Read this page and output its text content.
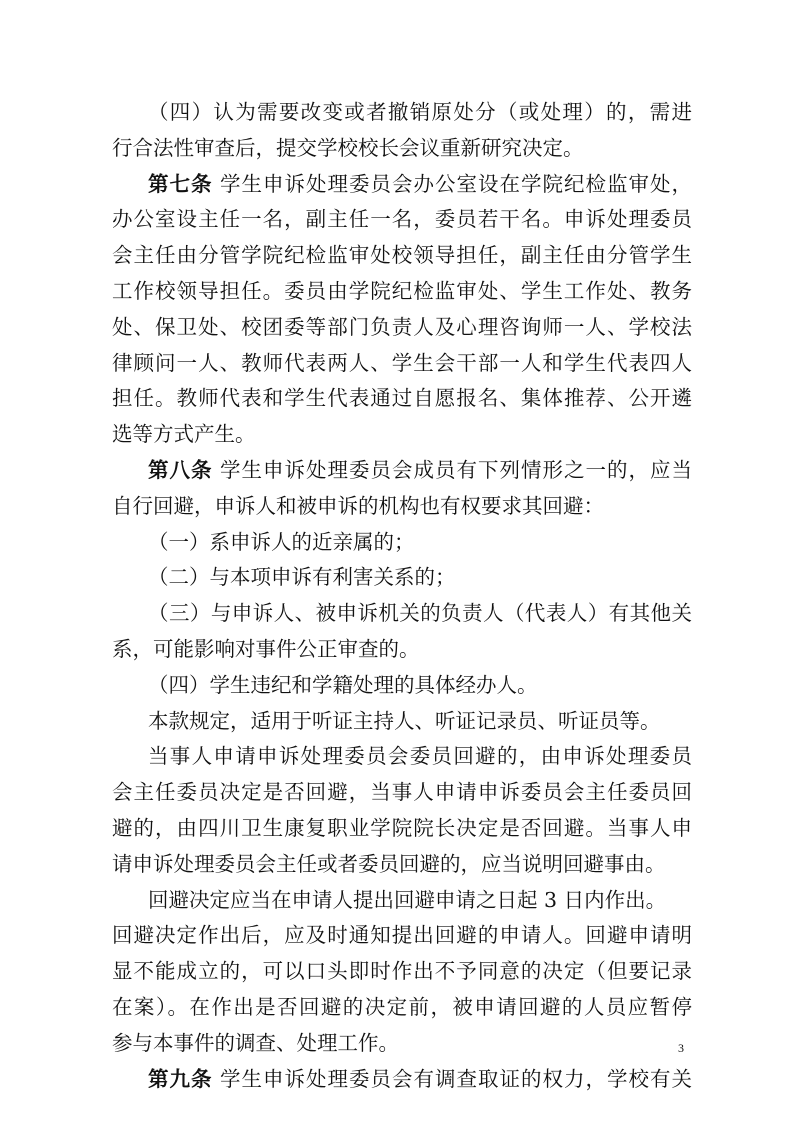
（四）认为需要改变或者撤销原处分（或处理）的，需进
行合法性审查后，提交学校校长会议重新研究决定。
第七条 学生申诉处理委员会办公室设在学院纪检监审处，
办公室设主任一名，副主任一名，委员若干名。申诉处理委员
会主任由分管学院纪检监审处校领导担任，副主任由分管学生
工作校领导担任。委员由学院纪检监审处、学生工作处、教务
处、保卫处、校团委等部门负责人及心理咨询师一人、学校法
律顾问一人、教师代表两人、学生会干部一人和学生代表四人
担任。教师代表和学生代表通过自愿报名、集体推荐、公开遴
选等方式产生。
第八条 学生申诉处理委员会成员有下列情形之一的，应当
自行回避，申诉人和被申诉的机构也有权要求其回避：
（一）系申诉人的近亲属的；
（二）与本项申诉有利害关系的；
（三）与申诉人、被申诉机关的负责人（代表人）有其他关
系，可能影响对事件公正审查的。
（四）学生违纪和学籍处理的具体经办人。
本款规定，适用于听证主持人、听证记录员、听证员等。
当事人申请申诉处理委员会委员回避的，由申诉处理委员
会主任委员决定是否回避，当事人申请申诉委员会主任委员回
避的，由四川卫生康复职业学院院长决定是否回避。当事人申
请申诉处理委员会主任或者委员回避的，应当说明回避事由。
回避决定应当在申请人提出回避申请之日起 3 日内作出。
回避决定作出后，应及时通知提出回避的申请人。回避申请明
显不能成立的，可以口头即时作出不予同意的决定（但要记录
在案）。在作出是否回避的决定前，被申请回避的人员应暂停
参与本事件的调查、处理工作。
第九条 学生申诉处理委员会有调查取证的权力，学校有关
3
